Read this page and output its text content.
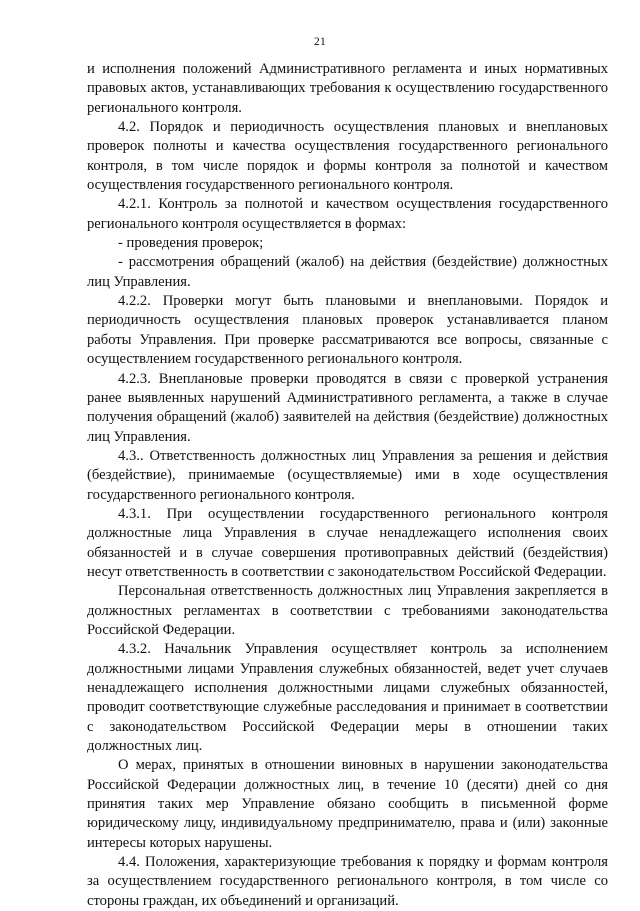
21

и исполнения положений Административного регламента и иных нормативных правовых актов, устанавливающих требования к осуществлению государственного регионального контроля.

4.2. Порядок и периодичность осуществления плановых и внеплановых проверок полноты и качества осуществления государственного регионального контроля, в том числе порядок и формы контроля за полнотой и качеством осуществления государственного регионального контроля.

4.2.1. Контроль за полнотой и качеством осуществления государственного регионального контроля осуществляется в формах:

- проведения проверок;

- рассмотрения обращений (жалоб) на действия (бездействие) должностных лиц Управления.

4.2.2. Проверки могут быть плановыми и внеплановыми. Порядок и периодичность осуществления плановых проверок устанавливается планом работы Управления. При проверке рассматриваются все вопросы, связанные с осуществлением государственного регионального контроля.

4.2.3. Внеплановые проверки проводятся в связи с проверкой устранения ранее выявленных нарушений Административного регламента, а также в случае получения обращений (жалоб) заявителей на действия (бездействие) должностных лиц Управления.

4.3.. Ответственность должностных лиц Управления за решения и действия (бездействие), принимаемые (осуществляемые) ими в ходе осуществления государственного регионального контроля.

4.3.1. При осуществлении государственного регионального контроля должностные лица Управления в случае ненадлежащего исполнения своих обязанностей и в случае совершения противоправных действий (бездействия) несут ответственность в соответствии с законодательством Российской Федерации.

Персональная ответственность должностных лиц Управления закрепляется в должностных регламентах в соответствии с требованиями законодательства Российской Федерации.

4.3.2. Начальник Управления осуществляет контроль за исполнением должностными лицами Управления служебных обязанностей, ведет учет случаев ненадлежащего исполнения должностными лицами служебных обязанностей, проводит соответствующие служебные расследования и принимает в соответствии с законодательством Российской Федерации меры в отношении таких должностных лиц.

О мерах, принятых в отношении виновных в нарушении законодательства Российской Федерации должностных лиц, в течение 10 (десяти) дней со дня принятия таких мер Управление обязано сообщить в письменной форме юридическому лицу, индивидуальному предпринимателю, права и (или) законные интересы которых нарушены.

4.4. Положения, характеризующие требования к порядку и формам контроля за осуществлением государственного регионального контроля, в том числе со стороны граждан, их объединений и организаций.
